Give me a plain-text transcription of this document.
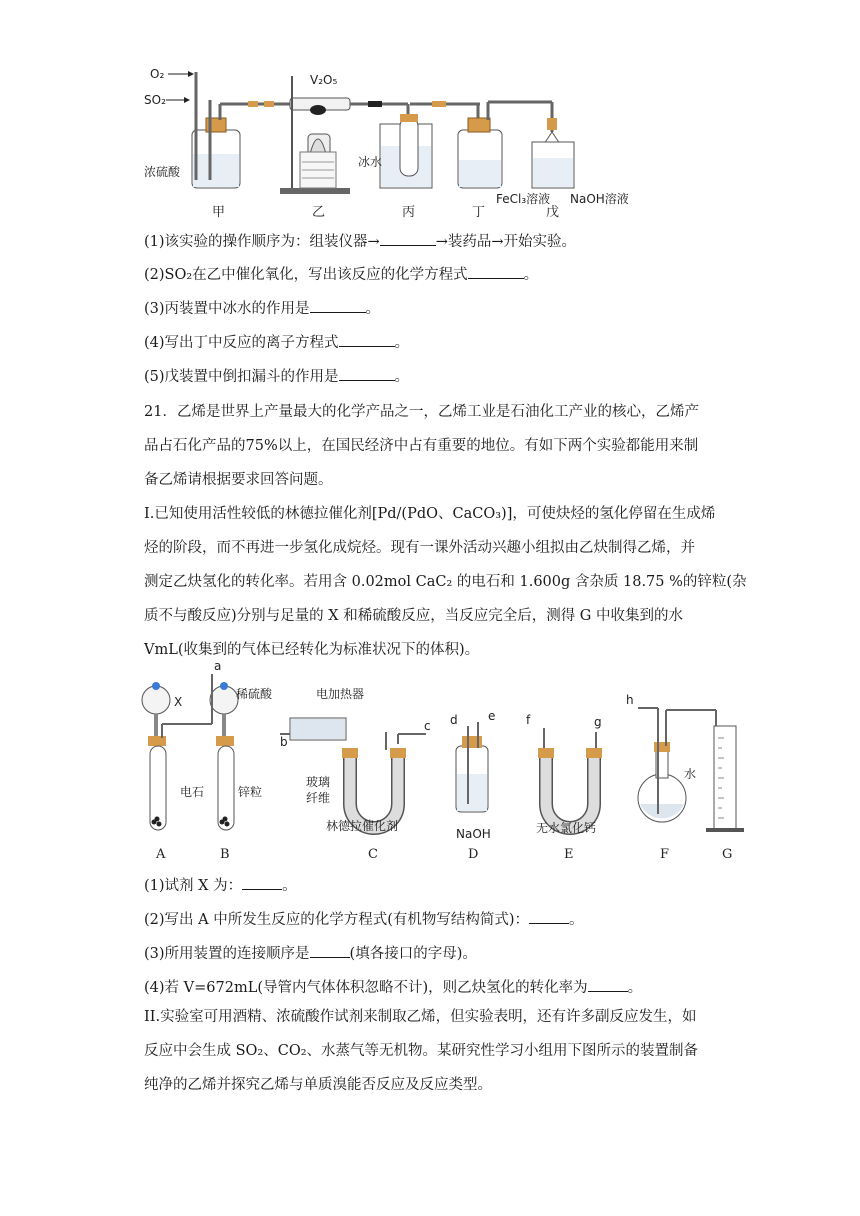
O₂
SO₂
浓硫酸
V₂O₅
冰水
FeCl₃溶液 NaOH溶液
甲	乙	丙	丁	戊
(1)该实验的操作顺序为：组装仪器→	→装药品→开始实验。
(2)SO₂在乙中催化氧化，写出该反应的化学方程式	。
(3)丙装置中冰水的作用是	。
(4)写出丁中反应的离子方程式	。
(5)戊装置中倒扣漏斗的作用是	。
21．乙烯是世界上产量最大的化学产品之一，乙烯工业是石油化工产业的核心，乙烯产
品占石化产品的75%以上，在国民经济中占有重要的地位。有如下两个实验都能用来制
备乙烯请根据要求回答问题。
I.已知使用活性较低的林德拉催化剂[Pd/(PdO、CaCO₃)]，可使炔烃的氢化停留在生成烯
烃的阶段，而不再进一步氢化成烷烃。现有一课外活动兴趣小组拟由乙炔制得乙烯，并
测定乙炔氢化的转化率。若用含 0.02mol CaC₂ 的电石和 1.600g 含杂质 18.75 %的锌粒(杂
质不与酸反应)分别与足量的 X 和稀硫酸反应，当反应完全后，测得 G 中收集到的水
VmL(收集到的气体已经转化为标准状况下的体积)。
X
a
稀硫酸
电石	锌粒
电加热器
b
c
玻璃
纤维
林德拉催化剂
d	e
NaOH
f	g
无水氯化钙
h
水
A	B	C	D	E	F	G
(1)试剂 X 为：	。
(2)写出 A 中所发生反应的化学方程式(有机物写结构简式)：	。
(3)所用装置的连接顺序是	(填各接口的字母)。
(4)若 V=672mL(导管内气体体积忽略不计)，则乙炔氢化的转化率为	。
II.实验室可用酒精、浓硫酸作试剂来制取乙烯，但实验表明，还有许多副反应发生，如
反应中会生成 SO₂、CO₂、水蒸气等无机物。某研究性学习小组用下图所示的装置制备
纯净的乙烯并探究乙烯与单质溴能否反应及反应类型。
